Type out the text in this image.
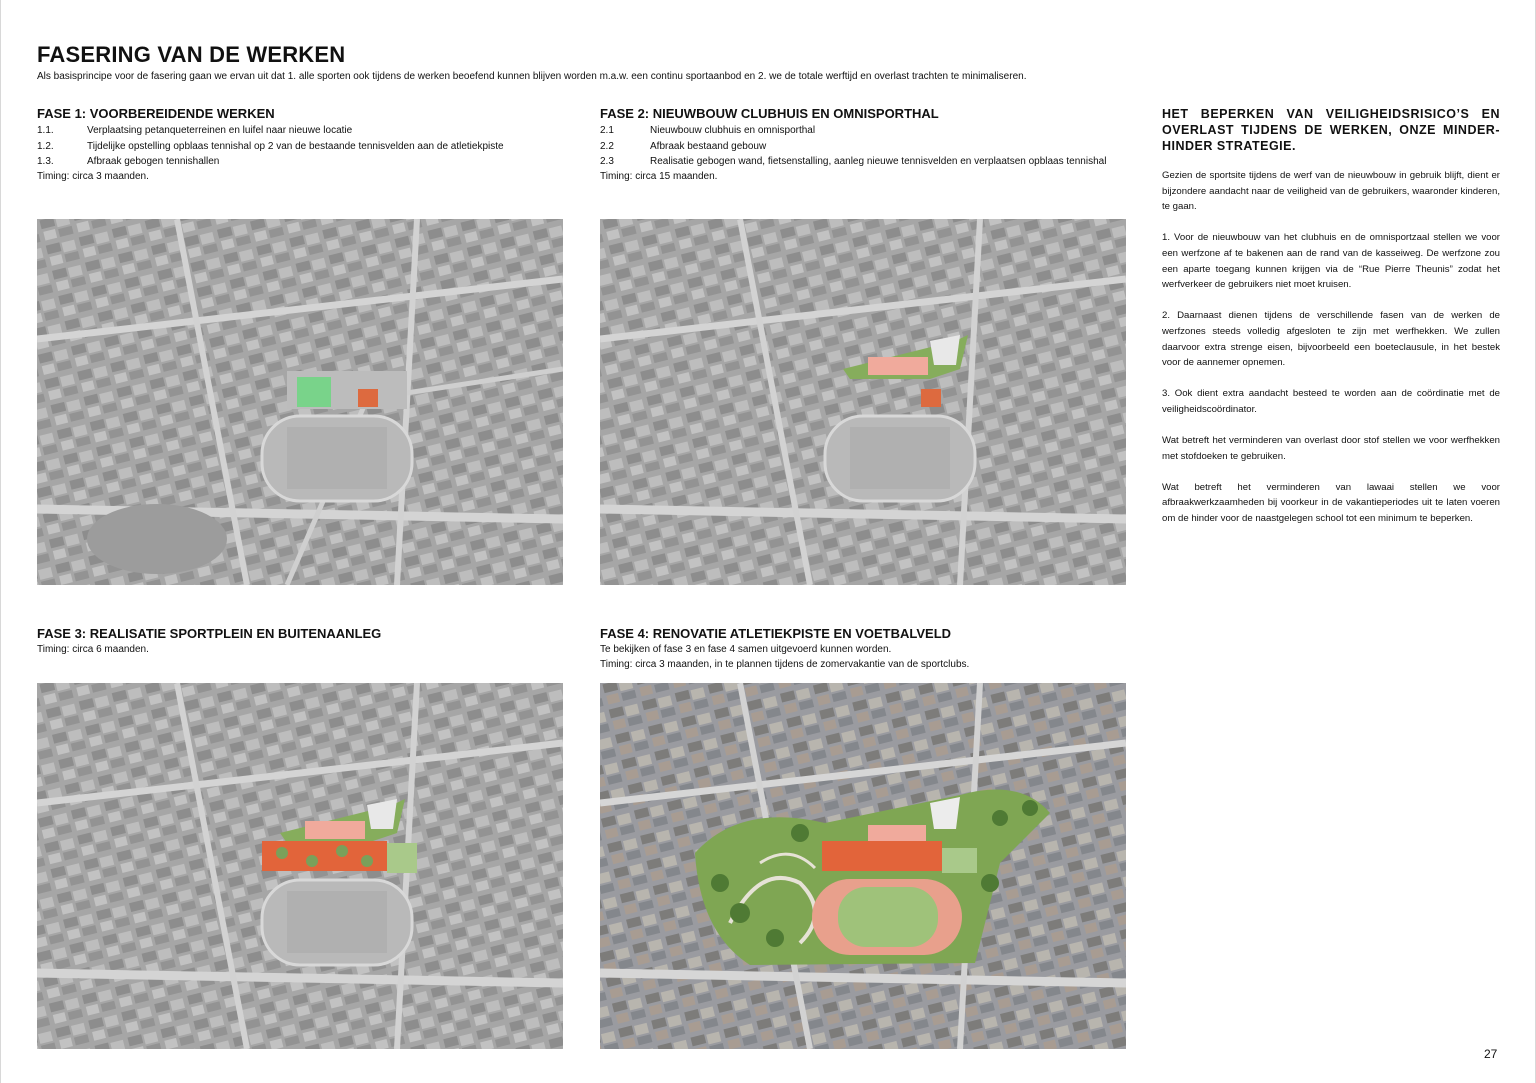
FASERING VAN DE WERKEN

Als basisprincipe voor de fasering gaan we ervan uit dat 1. alle sporten ook tijdens de werken beoefend kunnen blijven worden m.a.w. een continu sportaanbod en 2. we de totale werftijd en overlast trachten te minimaliseren.

FASE 1: VOORBEREIDENDE WERKEN
1.1.	Verplaatsing petanqueterreinen en luifel naar nieuwe locatie
1.2.	Tijdelijke opstelling opblaas tennishal op 2 van de bestaande tennisvelden aan de atletiekpiste
1.3.	Afbraak gebogen tennishallen

Timing: circa 3 maanden.

FASE 2: NIEUWBOUW CLUBHUIS EN OMNISPORTHAL
2.1	Nieuwbouw clubhuis en omnisporthal
2.2	Afbraak bestaand gebouw
2.3	Realisatie gebogen wand, fietsenstalling, aanleg nieuwe tennisvelden en verplaatsen opblaas tennishal

Timing: circa 15 maanden.

FASE 3: REALISATIE SPORTPLEIN EN BUITENAANLEG

Timing: circa 6 maanden.

FASE 4: RENOVATIE ATLETIEKPISTE EN VOETBALVELD

Te bekijken of fase 3 en fase 4 samen uitgevoerd kunnen worden.

Timing: circa 3 maanden, in te plannen tijdens de zomervakantie van de sportclubs.

HET BEPERKEN VAN VEILIGHEIDSRISICO’S EN OVERLAST TIJDENS DE WERKEN, ONZE MINDER-HINDER STRATEGIE.

Gezien de sportsite tijdens de werf van de nieuwbouw in gebruik blijft, dient er bijzondere aandacht naar de veiligheid van de gebruikers, waaronder kinderen, te gaan.

1. Voor de nieuwbouw van het clubhuis en de omnisportzaal stellen we voor een werfzone af te bakenen aan de rand van de kasseiweg. De werfzone zou een aparte toegang kunnen krijgen via de “Rue Pierre Theunis” zodat het werfverkeer de gebruikers niet moet kruisen.

2. Daarnaast dienen tijdens de verschillende fasen van de werken de werfzones steeds volledig afgesloten te zijn met werfhekken. We zullen daarvoor extra strenge eisen, bijvoorbeeld een boeteclausule, in het bestek voor de aannemer opnemen.

3. Ook dient extra aandacht besteed te worden aan de coördinatie met de veiligheidscoördinator.

Wat betreft het verminderen van overlast door stof stellen we voor werfhekken met stofdoeken te gebruiken.

Wat betreft het verminderen van lawaai stellen we voor afbraakwerkzaamheden bij voorkeur in de vakantieperiodes uit te laten voeren om de hinder voor de naastgelegen school tot een minimum te beperken.

27
